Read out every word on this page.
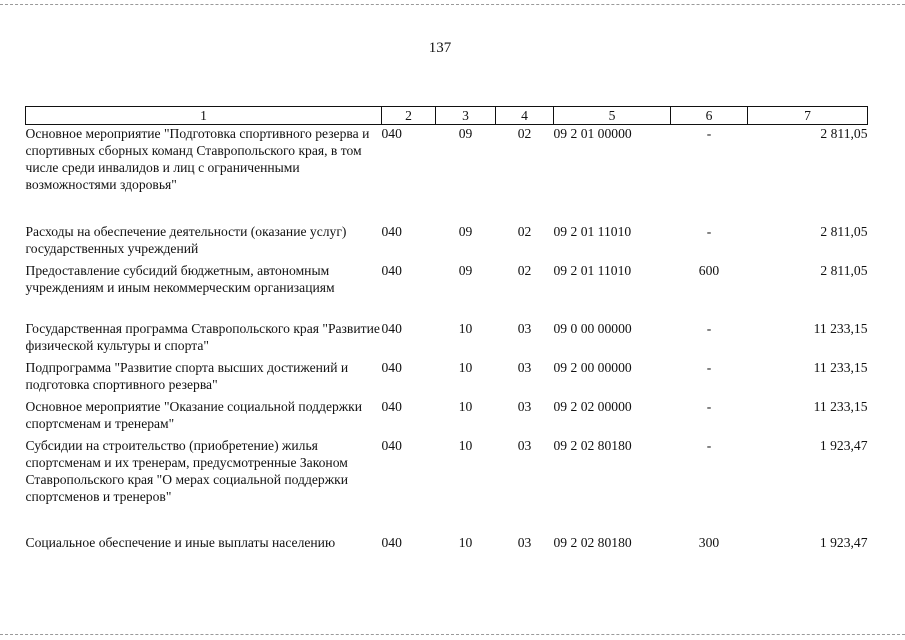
137
1	2	3	4	5	6	7
Основное мероприятие "Подготовка спортивного резерва и спортивных сборных команд Ставропольского края, в том числе среди инвалидов и лиц с ограниченными возможностями здоровья"	040	09	02	09 2 01 00000	-	2 811,05
Расходы на обеспечение деятельности (оказание услуг) государственных учреждений	040	09	02	09 2 01 11010	-	2 811,05
Предоставление субсидий бюджетным, автономным учреждениям и иным некоммерческим организациям	040	09	02	09 2 01 11010	600	2 811,05
Государственная программа Ставропольского края "Развитие физической культуры и спорта"	040	10	03	09 0 00 00000	-	11 233,15
Подпрограмма "Развитие спорта высших достижений и подготовка спортивного резерва"	040	10	03	09 2 00 00000	-	11 233,15
Основное мероприятие "Оказание социальной поддержки спортсменам и тренерам"	040	10	03	09 2 02 00000	-	11 233,15
Субсидии на строительство (приобретение) жилья спортсменам и их тренерам, предусмотренные Законом Ставропольского края "О мерах социальной поддержки спортсменов и тренеров"	040	10	03	09 2 02 80180	-	1 923,47
Социальное обеспечение и иные выплаты населению	040	10	03	09 2 02 80180	300	1 923,47
